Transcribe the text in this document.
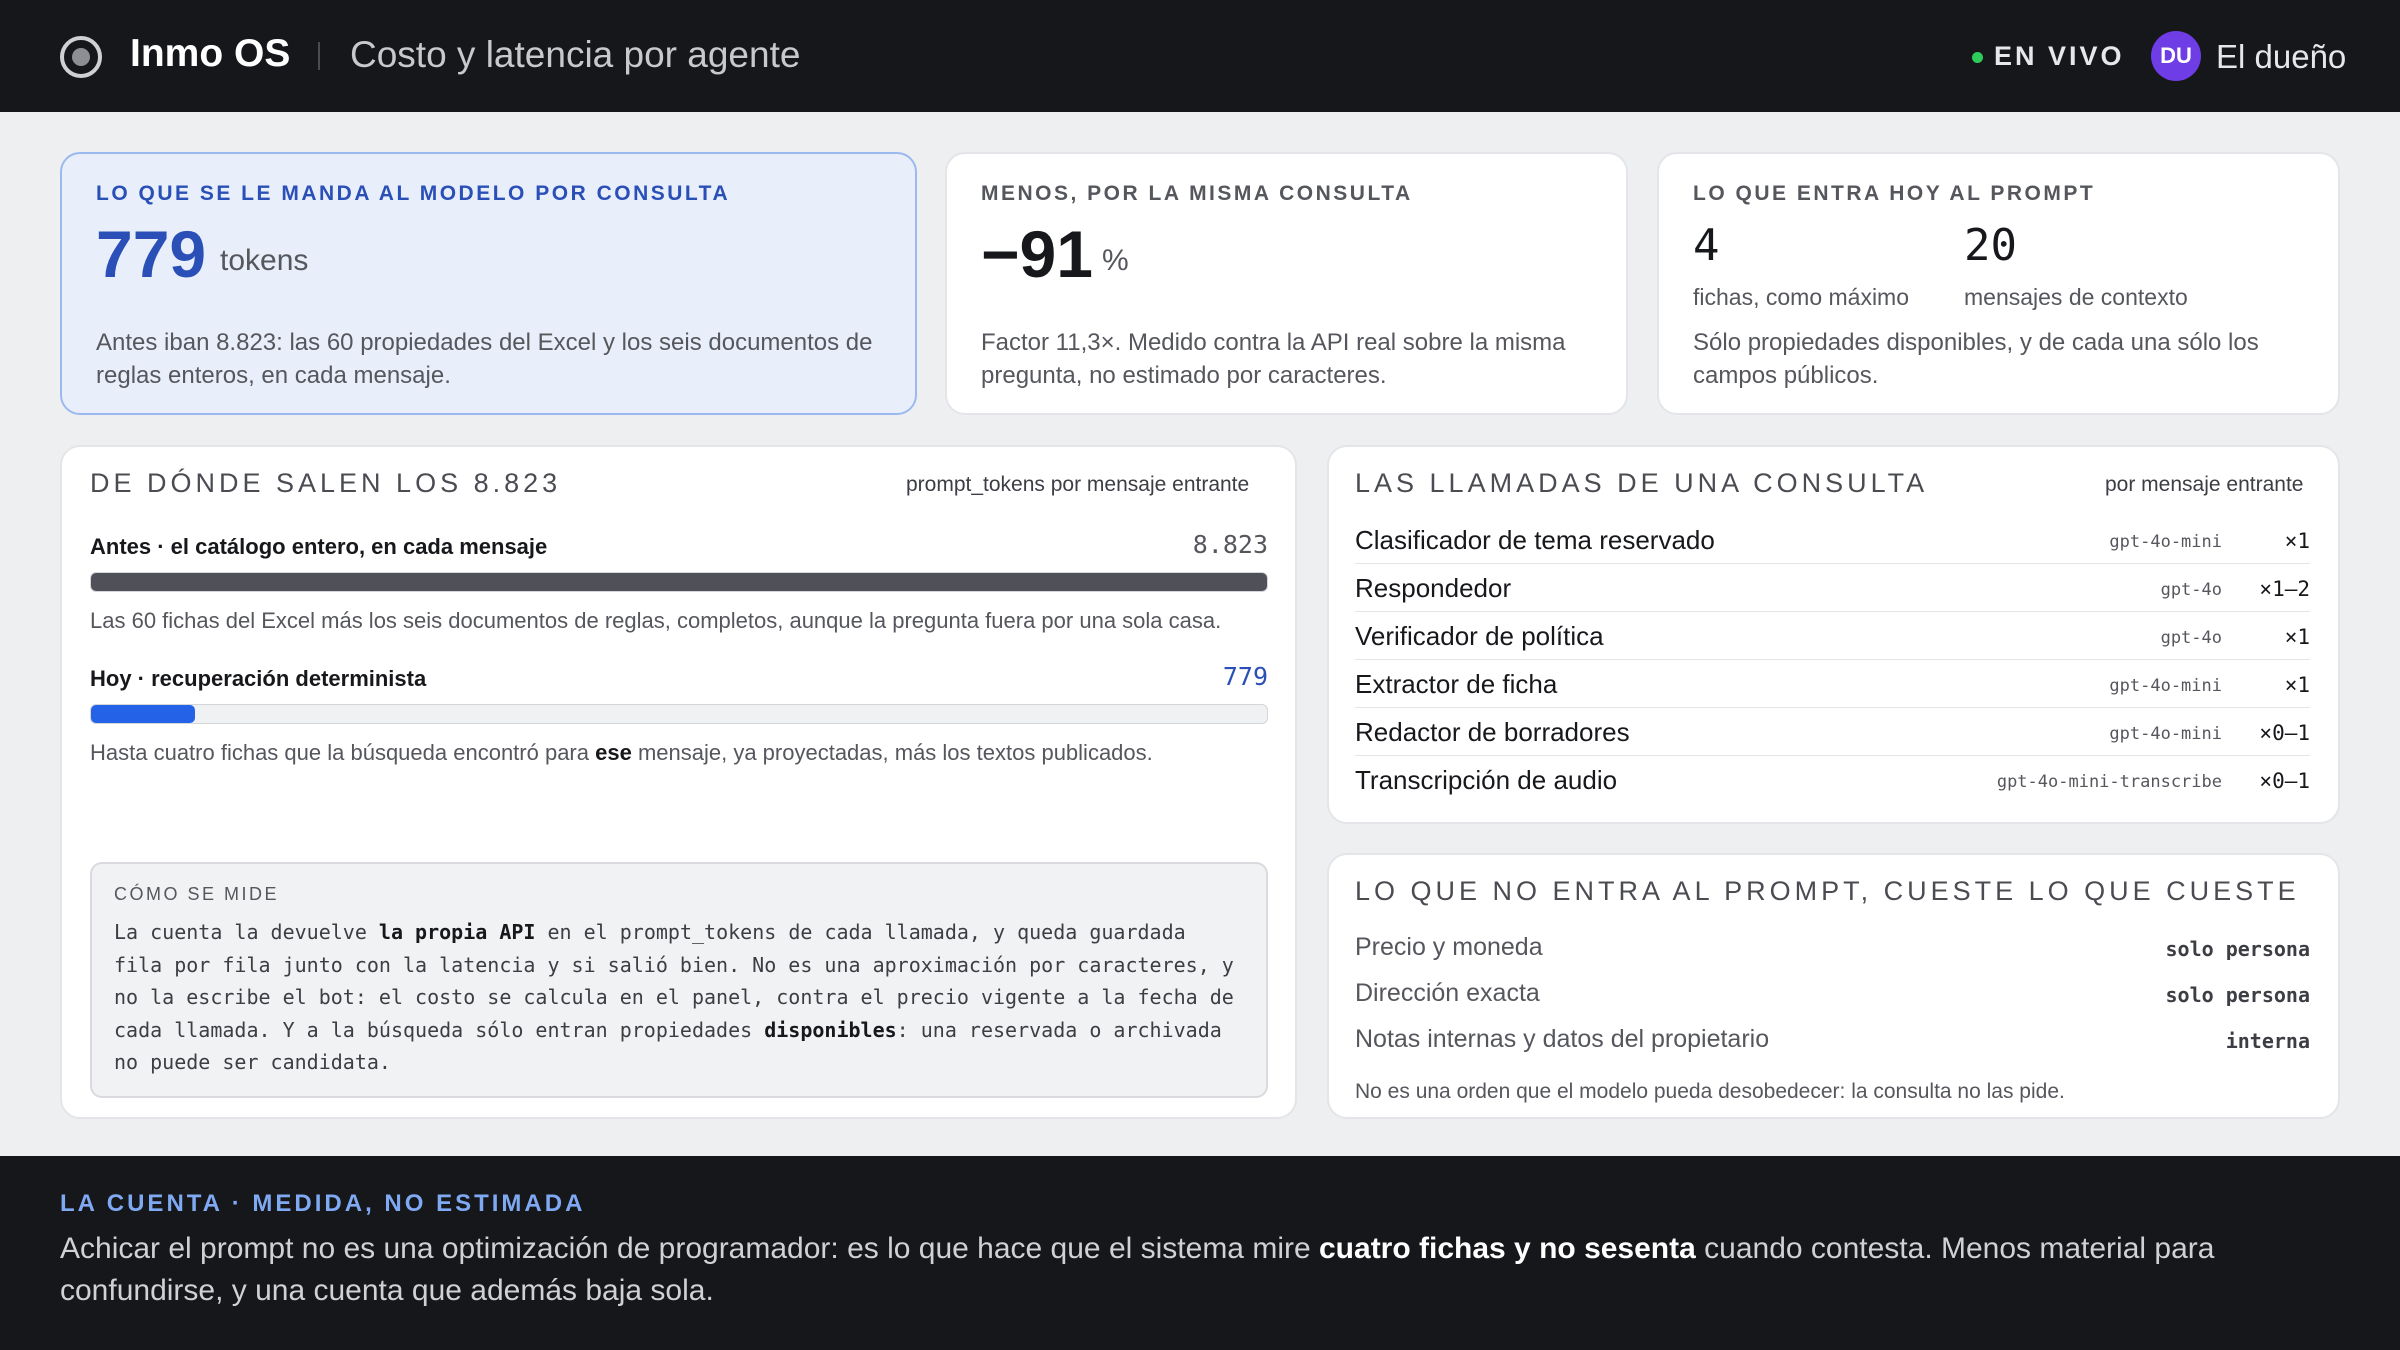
Inmo OS Costo y latencia por agente	EN VIVO	DU El dueño
LO QUE SE LE MANDA AL MODELO POR CONSULTA
779 tokens
Antes iban 8.823: las 60 propiedades del Excel y los seis documentos de reglas enteros, en cada mensaje.
MENOS, POR LA MISMA CONSULTA
−91 %
Factor 11,3×. Medido contra la API real sobre la misma pregunta, no estimado por caracteres.
LO QUE ENTRA HOY AL PROMPT
4
fichas, como máximo
20
mensajes de contexto
Sólo propiedades disponibles, y de cada una sólo los campos públicos.
DE DÓNDE SALEN LOS 8.823	prompt_tokens por mensaje entrante
Antes · el catálogo entero, en cada mensaje	8.823
Las 60 fichas del Excel más los seis documentos de reglas, completos, aunque la pregunta fuera por una sola casa.
Hoy · recuperación determinista	779
Hasta cuatro fichas que la búsqueda encontró para ese mensaje, ya proyectadas, más los textos publicados.
CÓMO SE MIDE
La cuenta la devuelve la propia API en el prompt_tokens de cada llamada, y queda guardada fila por fila junto con la latencia y si salió bien. No es una aproximación por caracteres, y no la escribe el bot: el costo se calcula en el panel, contra el precio vigente a la fecha de cada llamada. Y a la búsqueda sólo entran propiedades disponibles: una reservada o archivada no puede ser candidata.
LAS LLAMADAS DE UNA CONSULTA	por mensaje entrante
Clasificador de tema reservado	gpt-4o-mini	×1
Respondedor	gpt-4o ×1–2
Verificador de política	gpt-4o	×1
Extractor de ficha	gpt-4o-mini	×1
Redactor de borradores	gpt-4o-mini ×0–1
Transcripción de audio	gpt-4o-mini-transcribe ×0–1
LO QUE NO ENTRA AL PROMPT, CUESTE LO QUE CUESTE
Precio y moneda	solo persona
Dirección exacta	solo persona
Notas internas y datos del propietario	interna
No es una orden que el modelo pueda desobedecer: la consulta no las pide.
LA CUENTA · MEDIDA, NO ESTIMADA
Achicar el prompt no es una optimización de programador: es lo que hace que el sistema mire cuatro fichas y no sesenta cuando contesta. Menos material para confundirse, y una cuenta que además baja sola.
